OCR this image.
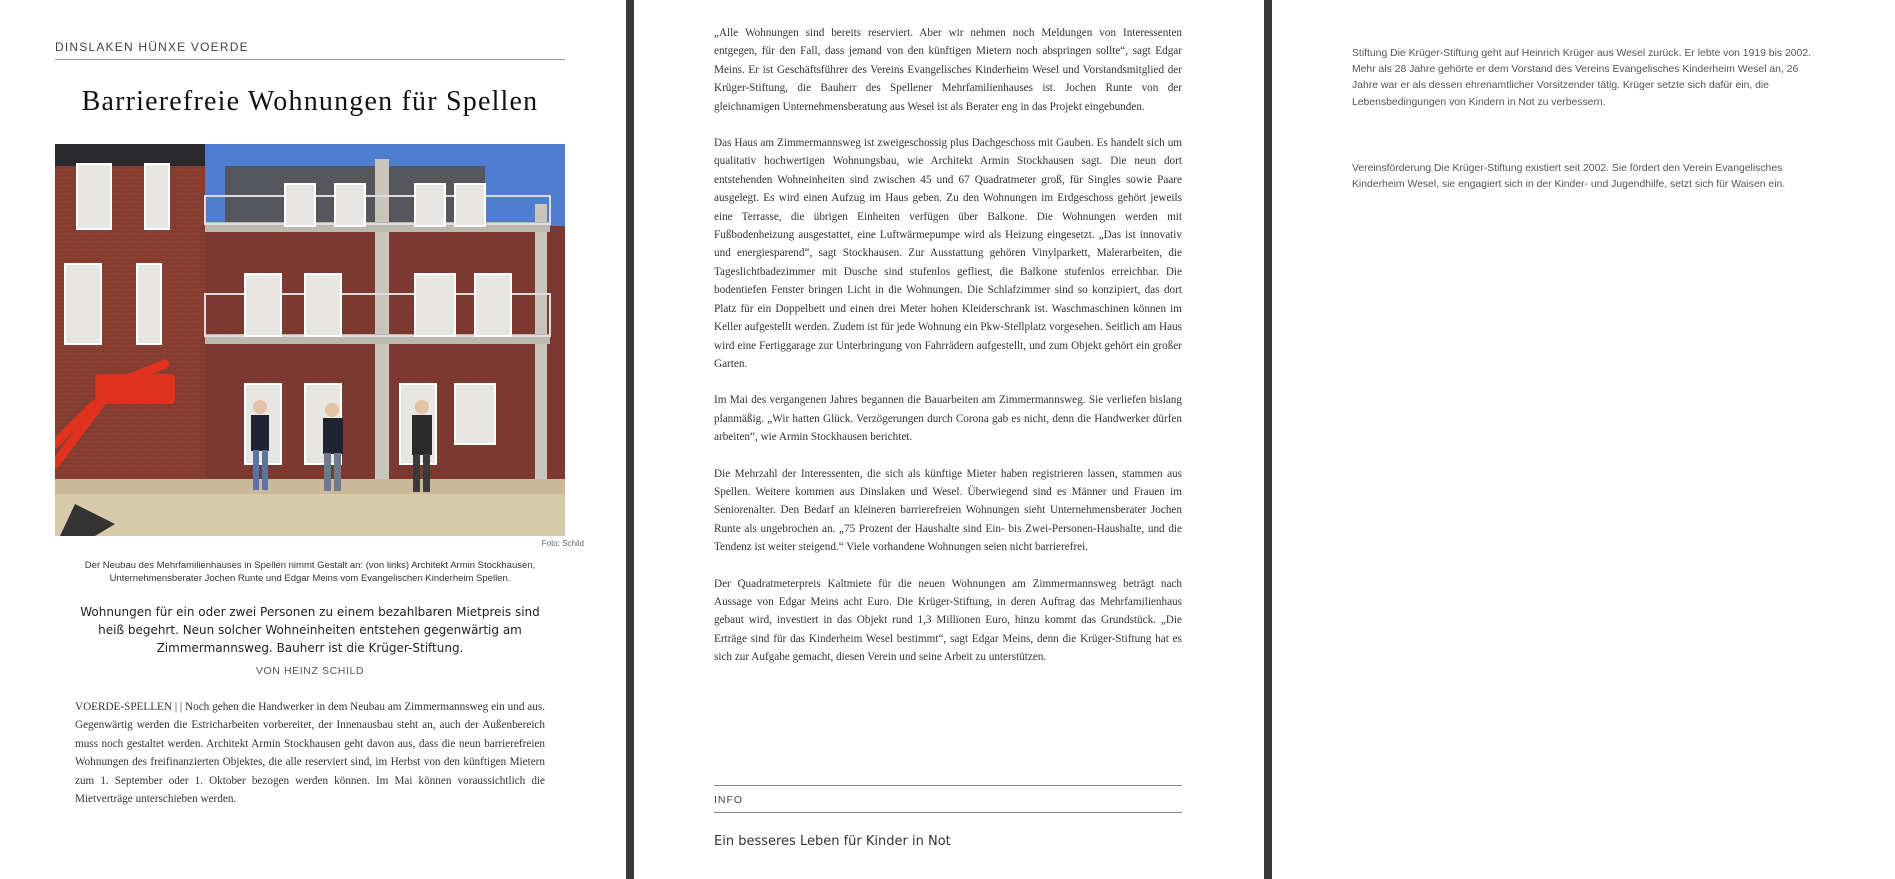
DINSLAKEN HÜNXE VOERDE
Barrierefreie Wohnungen für Spellen
Foto: Schild
Der Neubau des Mehrfamilienhauses in Spellen nimmt Gestalt an: (von links) Architekt Armin Stockhausen, Unternehmensberater Jochen Runte und Edgar Meins vom Evangelischen Kinderheim Spellen.
Wohnungen für ein oder zwei Personen zu einem bezahlbaren Mietpreis sind heiß begehrt. Neun solcher Wohneinheiten entstehen gegenwärtig am Zimmermannsweg. Bauherr ist die Krüger-Stiftung.
VON HEINZ SCHILD
VOERDE-SPELLEN | | Noch gehen die Handwerker in dem Neubau am Zimmermannsweg ein und aus. Gegenwärtig werden die Estricharbeiten vorbereitet, der Innenausbau steht an, auch der Außenbereich muss noch gestaltet werden. Architekt Armin Stockhausen geht davon aus, dass die neun barrierefreien Wohnungen des freifinanzierten Objektes, die alle reserviert sind, im Herbst von den künftigen Mietern zum 1. September oder 1. Oktober bezogen werden können. Im Mai können voraussichtlich die Mietverträge unterschieben werden.

„Alle Wohnungen sind bereits reserviert. Aber wir nehmen noch Meldungen von Interessenten entgegen, für den Fall, dass jemand von den künftigen Mietern noch abspringen sollte“, sagt Edgar Meins. Er ist Geschäftsführer des Vereins Evangelisches Kinderheim Wesel und Vorstandsmitglied der Krüger-Stiftung, die Bauherr des Spellener Mehrfamilienhauses ist. Jochen Runte von der gleichnamigen Unternehmensberatung aus Wesel ist als Berater eng in das Projekt eingebunden.

Das Haus am Zimmermannsweg ist zweigeschossig plus Dachgeschoss mit Gauben. Es handelt sich um qualitativ hochwertigen Wohnungsbau, wie Architekt Armin Stockhausen sagt. Die neun dort entstehenden Wohneinheiten sind zwischen 45 und 67 Quadratmeter groß, für Singles sowie Paare ausgelegt. Es wird einen Aufzug im Haus geben. Zu den Wohnungen im Erdgeschoss gehört jeweils eine Terrasse, die übrigen Einheiten verfügen über Balkone. Die Wohnungen werden mit Fußbodenheizung ausgestattet, eine Luftwärmepumpe wird als Heizung eingesetzt. „Das ist innovativ und energiesparend“, sagt Stockhausen. Zur Ausstattung gehören Vinylparkett, Malerarbeiten, die Tageslichtbadezimmer mit Dusche sind stufenlos gefliest, die Balkone stufenlos erreichbar. Die bodentiefen Fenster bringen Licht in die Wohnungen. Die Schlafzimmer sind so konzipiert, das dort Platz für ein Doppelbett und einen drei Meter hohen Kleiderschrank ist. Waschmaschinen können im Keller aufgestellt werden. Zudem ist für jede Wohnung ein Pkw-Stellplatz vorgesehen. Seitlich am Haus wird eine Fertiggarage zur Unterbringung von Fahrrädern aufgestellt, und zum Objekt gehört ein großer Garten.

Im Mai des vergangenen Jahres begannen die Bauarbeiten am Zimmermannsweg. Sie verliefen bislang planmäßig. „Wir hatten Glück. Verzögerungen durch Corona gab es nicht, denn die Handwerker dürfen arbeiten“, wie Armin Stockhausen berichtet.

Die Mehrzahl der Interessenten, die sich als künftige Mieter haben registrieren lassen, stammen aus Spellen. Weitere kommen aus Dinslaken und Wesel. Überwiegend sind es Männer und Frauen im Seniorenalter. Den Bedarf an kleineren barrierefreien Wohnungen sieht Unternehmensberater Jochen Runte als ungebrochen an. „75 Prozent der Haushalte sind Ein- bis Zwei-Personen-Haushalte, und die Tendenz ist weiter steigend.“ Viele vorhandene Wohnungen seien nicht barrierefrei.

Der Quadratmeterpreis Kaltmiete für die neuen Wohnungen am Zimmermannsweg beträgt nach Aussage von Edgar Meins acht Euro. Die Krüger-Stiftung, in deren Auftrag das Mehrfamilienhaus gebaut wird, investiert in das Objekt rund 1,3 Millionen Euro, hinzu kommt das Grundstück. „Die Erträge sind für das Kinderheim Wesel bestimmt“, sagt Edgar Meins, denn die Krüger-Stiftung hat es sich zur Aufgabe gemacht, diesen Verein und seine Arbeit zu unterstützen.

INFO
Ein besseres Leben für Kinder in Not

Stiftung Die Krüger-Stiftung geht auf Heinrich Krüger aus Wesel zurück. Er lebte von 1919 bis 2002. Mehr als 28 Jahre gehörte er dem Vorstand des Vereins Evangelisches Kinderheim Wesel an, 26 Jahre war er als dessen ehrenamtlicher Vorsitzender tätig. Krüger setzte sich dafür ein, die Lebensbedingungen von Kindern in Not zu verbessern.

Vereinsförderung Die Krüger-Stiftung existiert seit 2002. Sie fördert den Verein Evangelisches Kinderheim Wesel, sie engagiert sich in der Kinder- und Jugendhilfe, setzt sich für Waisen ein.
